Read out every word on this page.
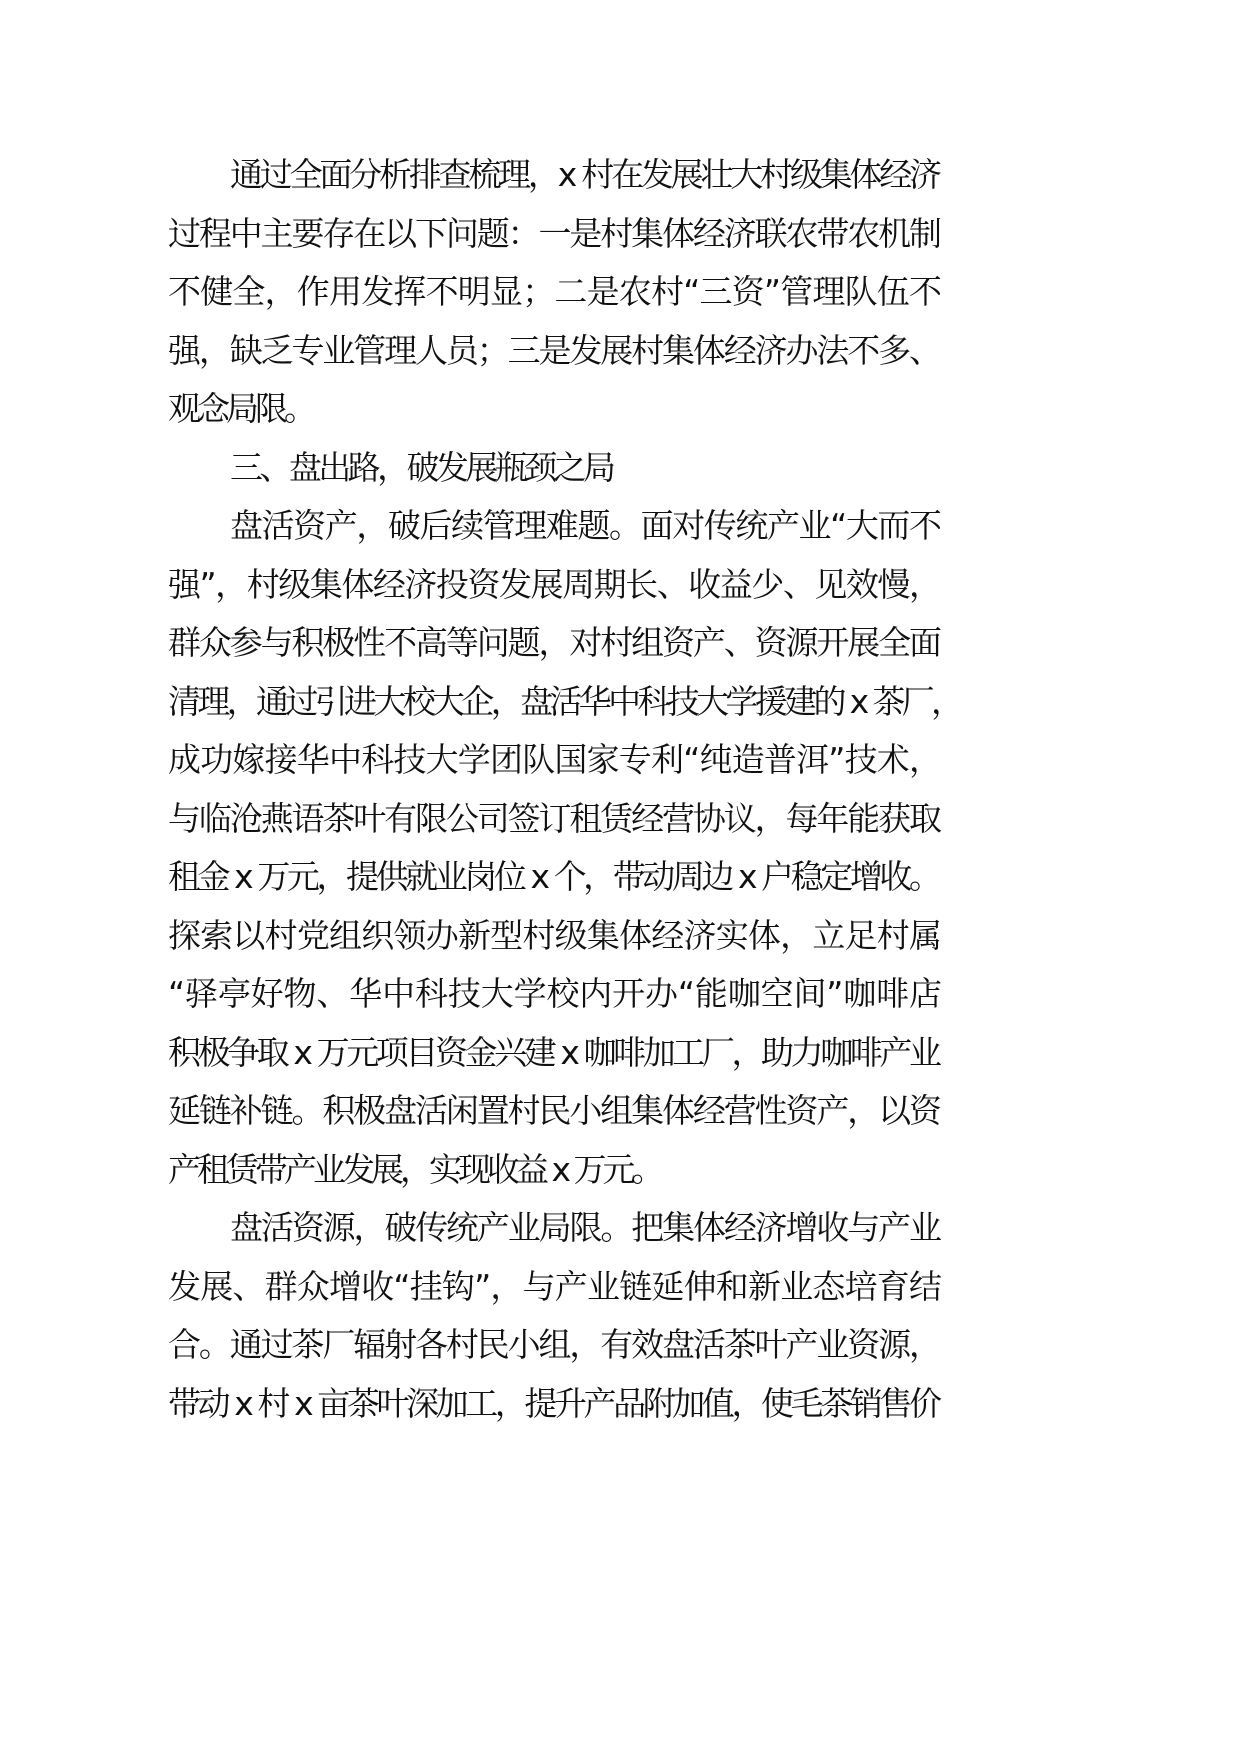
通过全面分析排查梳理，x 村在发展壮大村级集体经济
过程中主要存在以下问题：一是村集体经济联农带农机制
不健全，作用发挥不明显；二是农村“三资”管理队伍不
强，缺乏专业管理人员；三是发展村集体经济办法不多、
观念局限。
三、盘出路，破发展瓶颈之局
盘活资产，破后续管理难题。面对传统产业“大而不
强”，村级集体经济投资发展周期长、收益少、见效慢，
群众参与积极性不高等问题，对村组资产、资源开展全面
清理，通过引进大校大企，盘活华中科技大学援建的 x 茶厂，
成功嫁接华中科技大学团队国家专利“纯造普洱”技术，
与临沧燕语茶叶有限公司签订租赁经营协议，每年能获取
租金 x 万元，提供就业岗位 x 个，带动周边 x 户稳定增收。
探索以村党组织领办新型村级集体经济实体，立足村属
“驿亭好物、华中科技大学校内开办“能咖空间”咖啡店
积极争取 x 万元项目资金兴建 x 咖啡加工厂，助力咖啡产业
延链补链。积极盘活闲置村民小组集体经营性资产，以资
产租赁带产业发展，实现收益 x 万元。
盘活资源，破传统产业局限。把集体经济增收与产业
发展、群众增收“挂钩”，与产业链延伸和新业态培育结
合。通过茶厂辐射各村民小组，有效盘活茶叶产业资源，
带动 x 村 x 亩茶叶深加工，提升产品附加值，使毛茶销售价
